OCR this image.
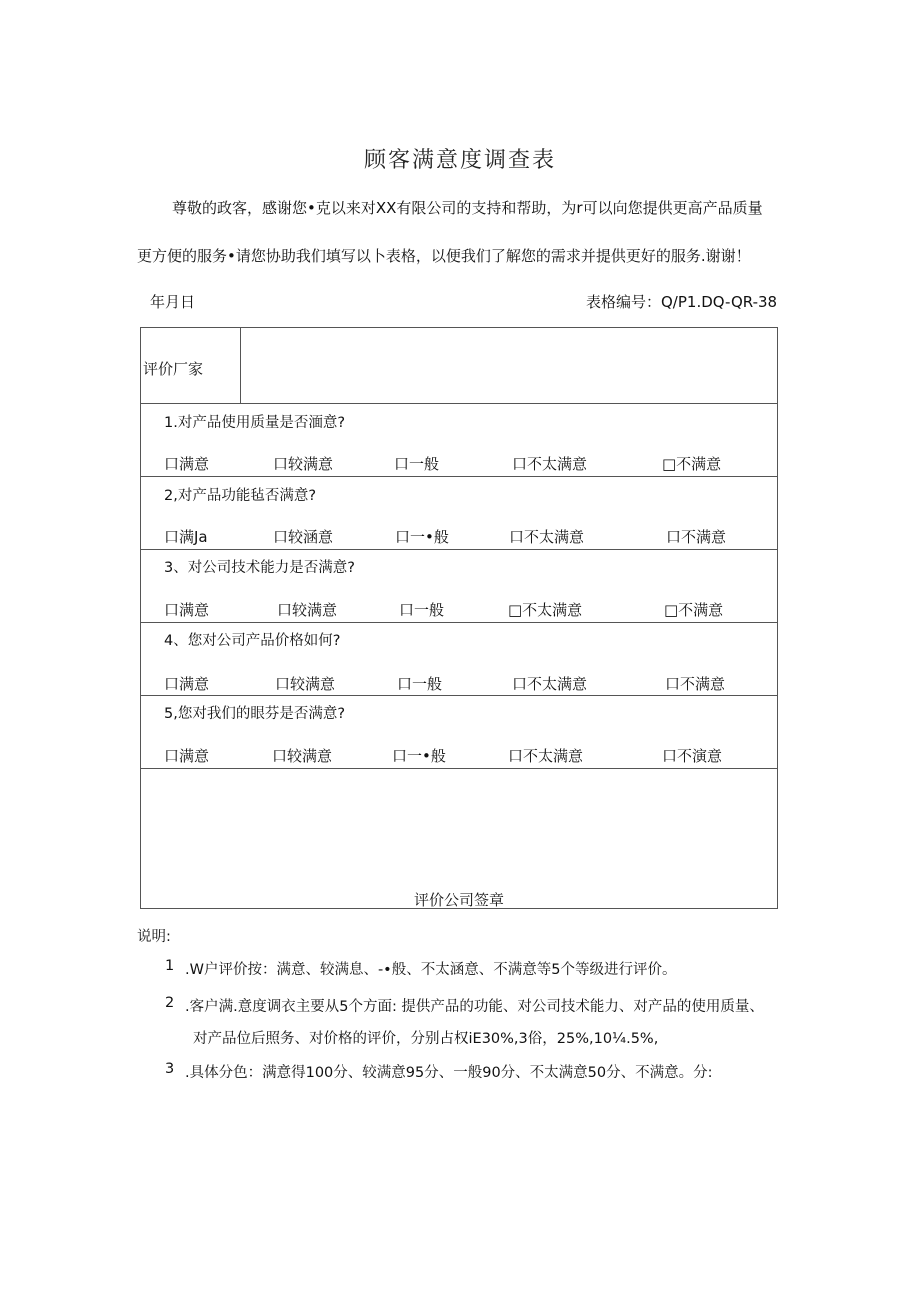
顾客满意度调查表
尊敬的政客，感谢您•克以来对XX有限公司的支持和帮助，为r可以向您提供更高产品质量
更方便的服务•请您协助我们填写以卜表格，以便我们了解您的需求并提供更好的服务.谢谢！
年月日	表格编号：Q/P1.DQ-QR-38
评价厂家
1.对产品使用质量是否湎意?
口满意	口较满意	口一般	口不太满意	□不满意
2,对产品功能毡否满意?
口满Ja	口较涵意	口一•般	口不太满意	口不满意
3、对公司技术能力是否满意?
口满意	口较满意	口一般	□不太满意	□不满意
4、您对公司产品价格如何?
口满意	口较满意	口一般	口不太满意	口不满意
5,您对我们的眼芬是否满意?
口满意	口较满意	口一•般	口不太满意	口不演意
评价公司签章
说明:
1 .W户评价按：满意、较满息、-•般、不太涵意、不满意等5个等级进行评价。
2 .客户满.意度调衣主要从5个方面: 提供产品的功能、对公司技术能力、对产品的使用质量、
对产品位后照务、对价格的评价，分别占权iE30%,3俗，25%,10¼.5%,
3 .具体分色：满意得100分、较满意95分、一般90分、不太满意50分、不满意。分:
